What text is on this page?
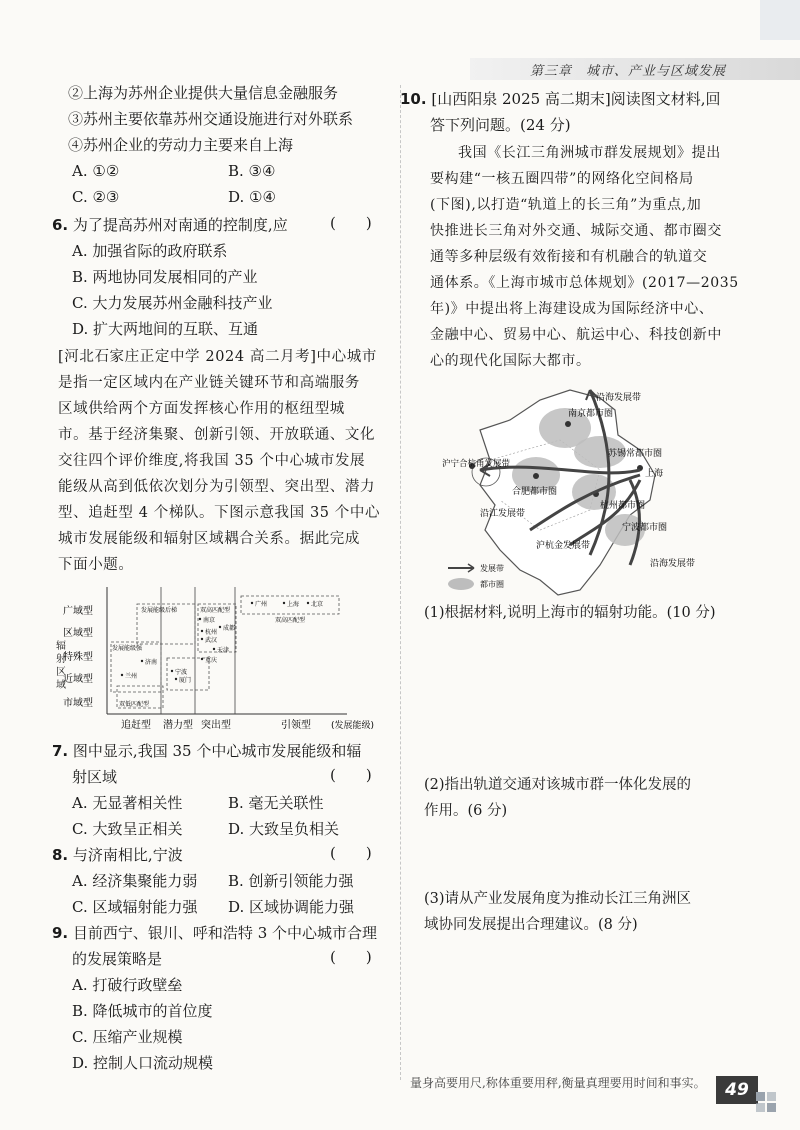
第三章　城市、产业与区域发展
②上海为苏州企业提供大量信息金融服务
③苏州主要依靠苏州交通设施进行对外联系
④苏州企业的劳动力主要来自上海
A. ①②	B. ③④
C. ②③	D. ①④
6. 为了提高苏州对南通的控制度,应	(　　)
A. 加强省际的政府联系
B. 两地协同发展相同的产业
C. 大力发展苏州金融科技产业
D. 扩大两地间的互联、互通
[河北石家庄正定中学 2024 高二月考]中心城市
是指一定区域内在产业链关键环节和高端服务
区域供给两个方面发挥核心作用的枢纽型城
市。基于经济集聚、创新引领、开放联通、文化
交往四个评价维度,将我国 35 个中心城市发展
能级从高到低依次划分为引领型、突出型、潜力
型、追赶型 4 个梯队。下图示意我国 35 个中心
城市发展能级和辐射区域耦合关系。据此完成
下面小题。
广域型
区域型
特殊型
近域型
市域型
追赶型 潜力型 突出型	引领型 (发展能级)
发展能级后梯	双高匹配型
发展能级强
双低匹配型
双高匹配型
广州	上海 北京
南京
杭州
成都
武汉
天津
重庆
宁波
厦门
济南
兰州
辐射区域
7. 图中显示,我国 35 个中心城市发展能级和辐
射区域	(　　)
A. 无显著相关性	B. 毫无关联性
C. 大致呈正相关	D. 大致呈负相关
8. 与济南相比,宁波	(　　)
A. 经济集聚能力弱 B. 创新引领能力强
C. 区域辐射能力强 D. 区域协调能力强
9. 目前西宁、银川、呼和浩特 3 个中心城市合理
的发展策略是	(　　)
A. 打破行政壁垒
B. 降低城市的首位度
C. 压缩产业规模
D. 控制人口流动规模
10. [山西阳泉 2025 高二期末]阅读图文材料,回
答下列问题。(24 分)
我国《长江三角洲城市群发展规划》提出
要构建“一核五圈四带”的网络化空间格局
(下图),以打造“轨道上的长三角”为重点,加
快推进长三角对外交通、城际交通、都市圈交
通等多种层级有效衔接和有机融合的轨道交
通体系。《上海市城市总体规划》(2017—2035
年)》中提出将上海建设成为国际经济中心、
金融中心、贸易中心、航运中心、科技创新中
心的现代化国际大都市。
沿海发展带
南京都市圈
苏锡常都市圈
沪宁合杭甬发展带
上海
合肥都市圈
沿江发展带
杭州都市圈
沪杭金发展带
宁波都市圈
沿海发展带
发展带
都市圈
(1)根据材料,说明上海市的辐射功能。(10 分)
(2)指出轨道交通对该城市群一体化发展的
作用。(6 分)
(3)请从产业发展角度为推动长江三角洲区
域协同发展提出合理建议。(8 分)
量身高要用尺,称体重要用秤,衡量真理要用时间和事实。	49
